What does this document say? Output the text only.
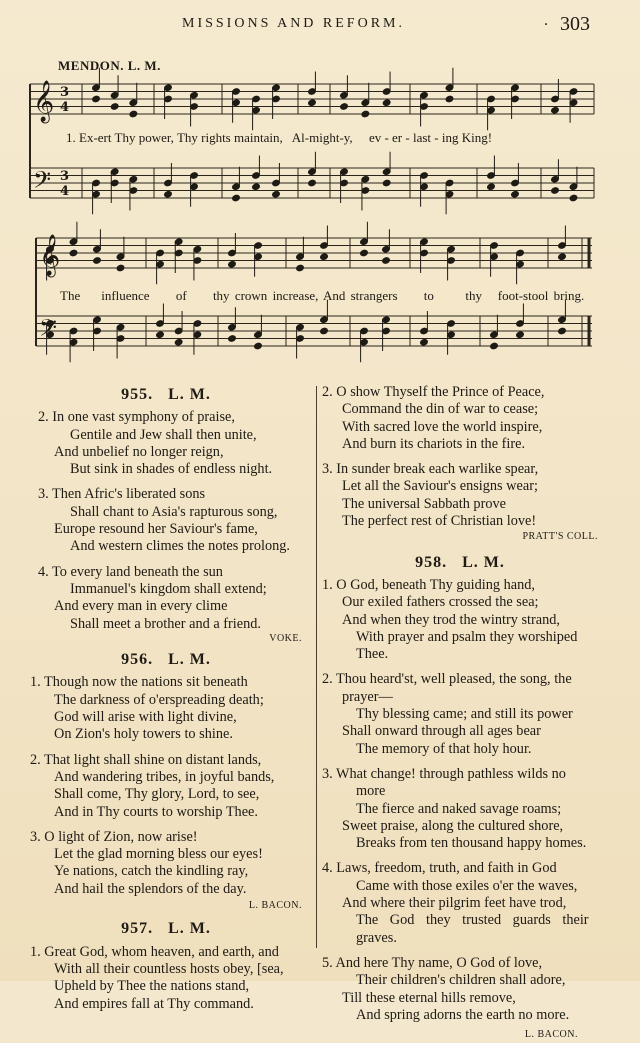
MISSIONS AND REFORM.	. 303
MENDON. L. M.
𝄞 3
4
𝄢 3
4
𝄞
𝄢
1. Ex-ert Thy power, Thy rights maintain, Al-might-y, ev - er - last - ing King!
The influence of thy crown increase, And strangers to thy foot-stool bring.
955. L. M.
2. In one vast symphony of praise,
Gentile and Jew shall then unite,
And unbelief no longer reign,
But sink in shades of endless night.
3. Then Afric's liberated sons
Shall chant to Asia's rapturous song,
Europe resound her Saviour's fame,
And western climes the notes prolong.
4. To every land beneath the sun
Immanuel's kingdom shall extend;
And every man in every clime
Shall meet a brother and a friend.
VOKE.
956. L. M.
1. Though now the nations sit beneath
The darkness of o'erspreading death;
God will arise with light divine,
On Zion's holy towers to shine.
2. That light shall shine on distant lands,
And wandering tribes, in joyful bands,
Shall come, Thy glory, Lord, to see,
And in Thy courts to worship Thee.
3. O light of Zion, now arise!
Let the glad morning bless our eyes!
Ye nations, catch the kindling ray,
And hail the splendors of the day.
L. BACON.
957. L. M.
1. Great God, whom heaven, and earth, and
With all their countless hosts obey, [sea,
Upheld by Thee the nations stand,
And empires fall at Thy command.
2. O show Thyself the Prince of Peace,
Command the din of war to cease;
With sacred love the world inspire,
And burn its chariots in the fire.
3. In sunder break each warlike spear,
Let all the Saviour's ensigns wear;
The universal Sabbath prove
The perfect rest of Christian love!
PRATT'S COLL.
958. L. M.
1. O God, beneath Thy guiding hand,
Our exiled fathers crossed the sea;
And when they trod the wintry strand,
With prayer and psalm they worshiped
Thee.
2. Thou heard'st, well pleased, the song, the
prayer—
Thy blessing came; and still its power
Shall onward through all ages bear
The memory of that holy hour.
3. What change! through pathless wilds no
more
The fierce and naked savage roams;
Sweet praise, along the cultured shore,
Breaks from ten thousand happy homes.
4. Laws, freedom, truth, and faith in God
Came with those exiles o'er the waves,
And where their pilgrim feet have trod,
The God they trusted guards their
graves.
5. And here Thy name, O God of love,
Their children's children shall adore,
Till these eternal hills remove,
And spring adorns the earth no more.
L. BACON.
